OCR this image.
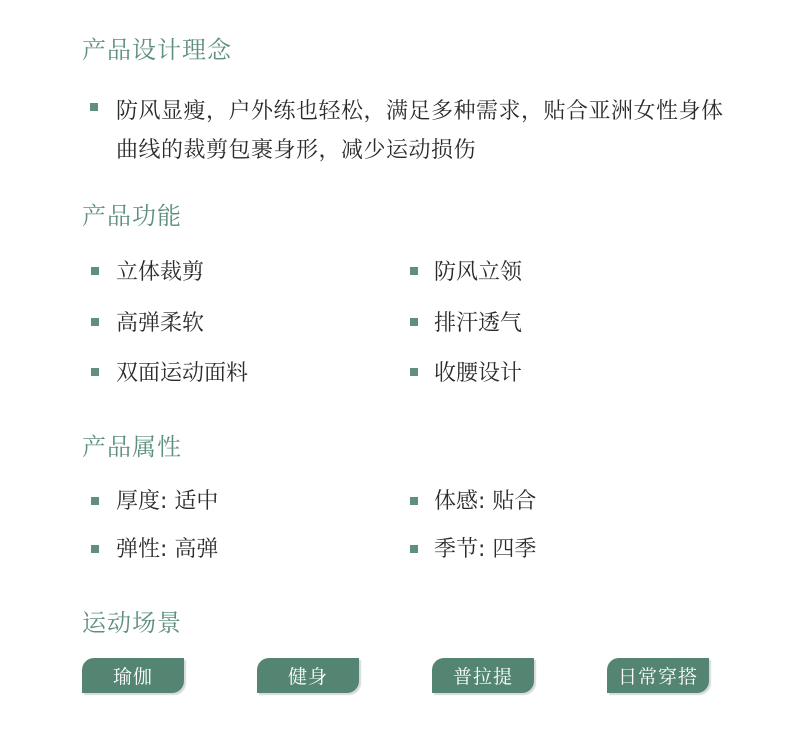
产品设计理念
防风显瘦，户外练也轻松，满足多种需求，贴合亚洲女性身体曲线的裁剪包裹身形，减少运动损伤
产品功能
立体裁剪	防风立领
高弹柔软	排汗透气
双面运动面料	收腰设计
产品属性
厚度: 适中	体感: 贴合
弹性: 高弹	季节: 四季
运动场景
瑜伽	健身	普拉提	日常穿搭
